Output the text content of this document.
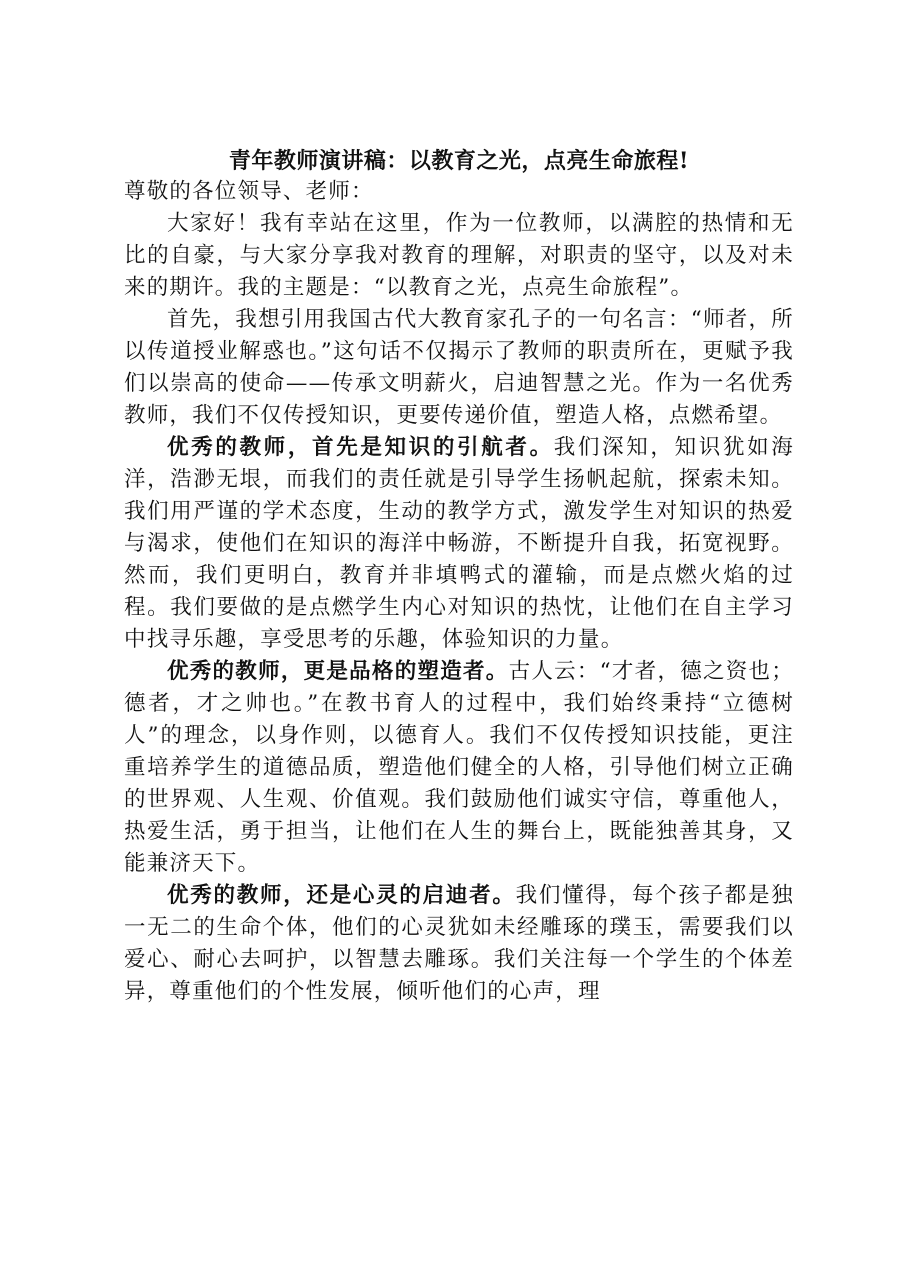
青年教师演讲稿：以教育之光，点亮生命旅程!

尊敬的各位领导、老师：

大家好！我有幸站在这里，作为一位教师，以满腔的热情和无比的自豪，与大家分享我对教育的理解，对职责的坚守，以及对未来的期许。我的主题是：“以教育之光，点亮生命旅程”。

首先，我想引用我国古代大教育家孔子的一句名言：“师者，所以传道授业解惑也。”这句话不仅揭示了教师的职责所在，更赋予我们以崇高的使命——传承文明薪火，启迪智慧之光。作为一名优秀教师，我们不仅传授知识，更要传递价值，塑造人格，点燃希望。

优秀的教师，首先是知识的引航者。我们深知，知识犹如海洋，浩渺无垠，而我们的责任就是引导学生扬帆起航，探索未知。我们用严谨的学术态度，生动的教学方式，激发学生对知识的热爱与渴求，使他们在知识的海洋中畅游，不断提升自我，拓宽视野。然而，我们更明白，教育并非填鸭式的灌输，而是点燃火焰的过程。我们要做的是点燃学生内心对知识的热忱，让他们在自主学习中找寻乐趣，享受思考的乐趣，体验知识的力量。

优秀的教师，更是品格的塑造者。古人云：“才者，德之资也；德者，才之帅也。”在教书育人的过程中，我们始终秉持“立德树人”的理念，以身作则，以德育人。我们不仅传授知识技能，更注重培养学生的道德品质，塑造他们健全的人格，引导他们树立正确的世界观、人生观、价值观。我们鼓励他们诚实守信，尊重他人，热爱生活，勇于担当，让他们在人生的舞台上，既能独善其身，又能兼济天下。

优秀的教师，还是心灵的启迪者。我们懂得，每个孩子都是独一无二的生命个体，他们的心灵犹如未经雕琢的璞玉，需要我们以爱心、耐心去呵护，以智慧去雕琢。我们关注每一个学生的个体差异，尊重他们的个性发展，倾听他们的心声，理
